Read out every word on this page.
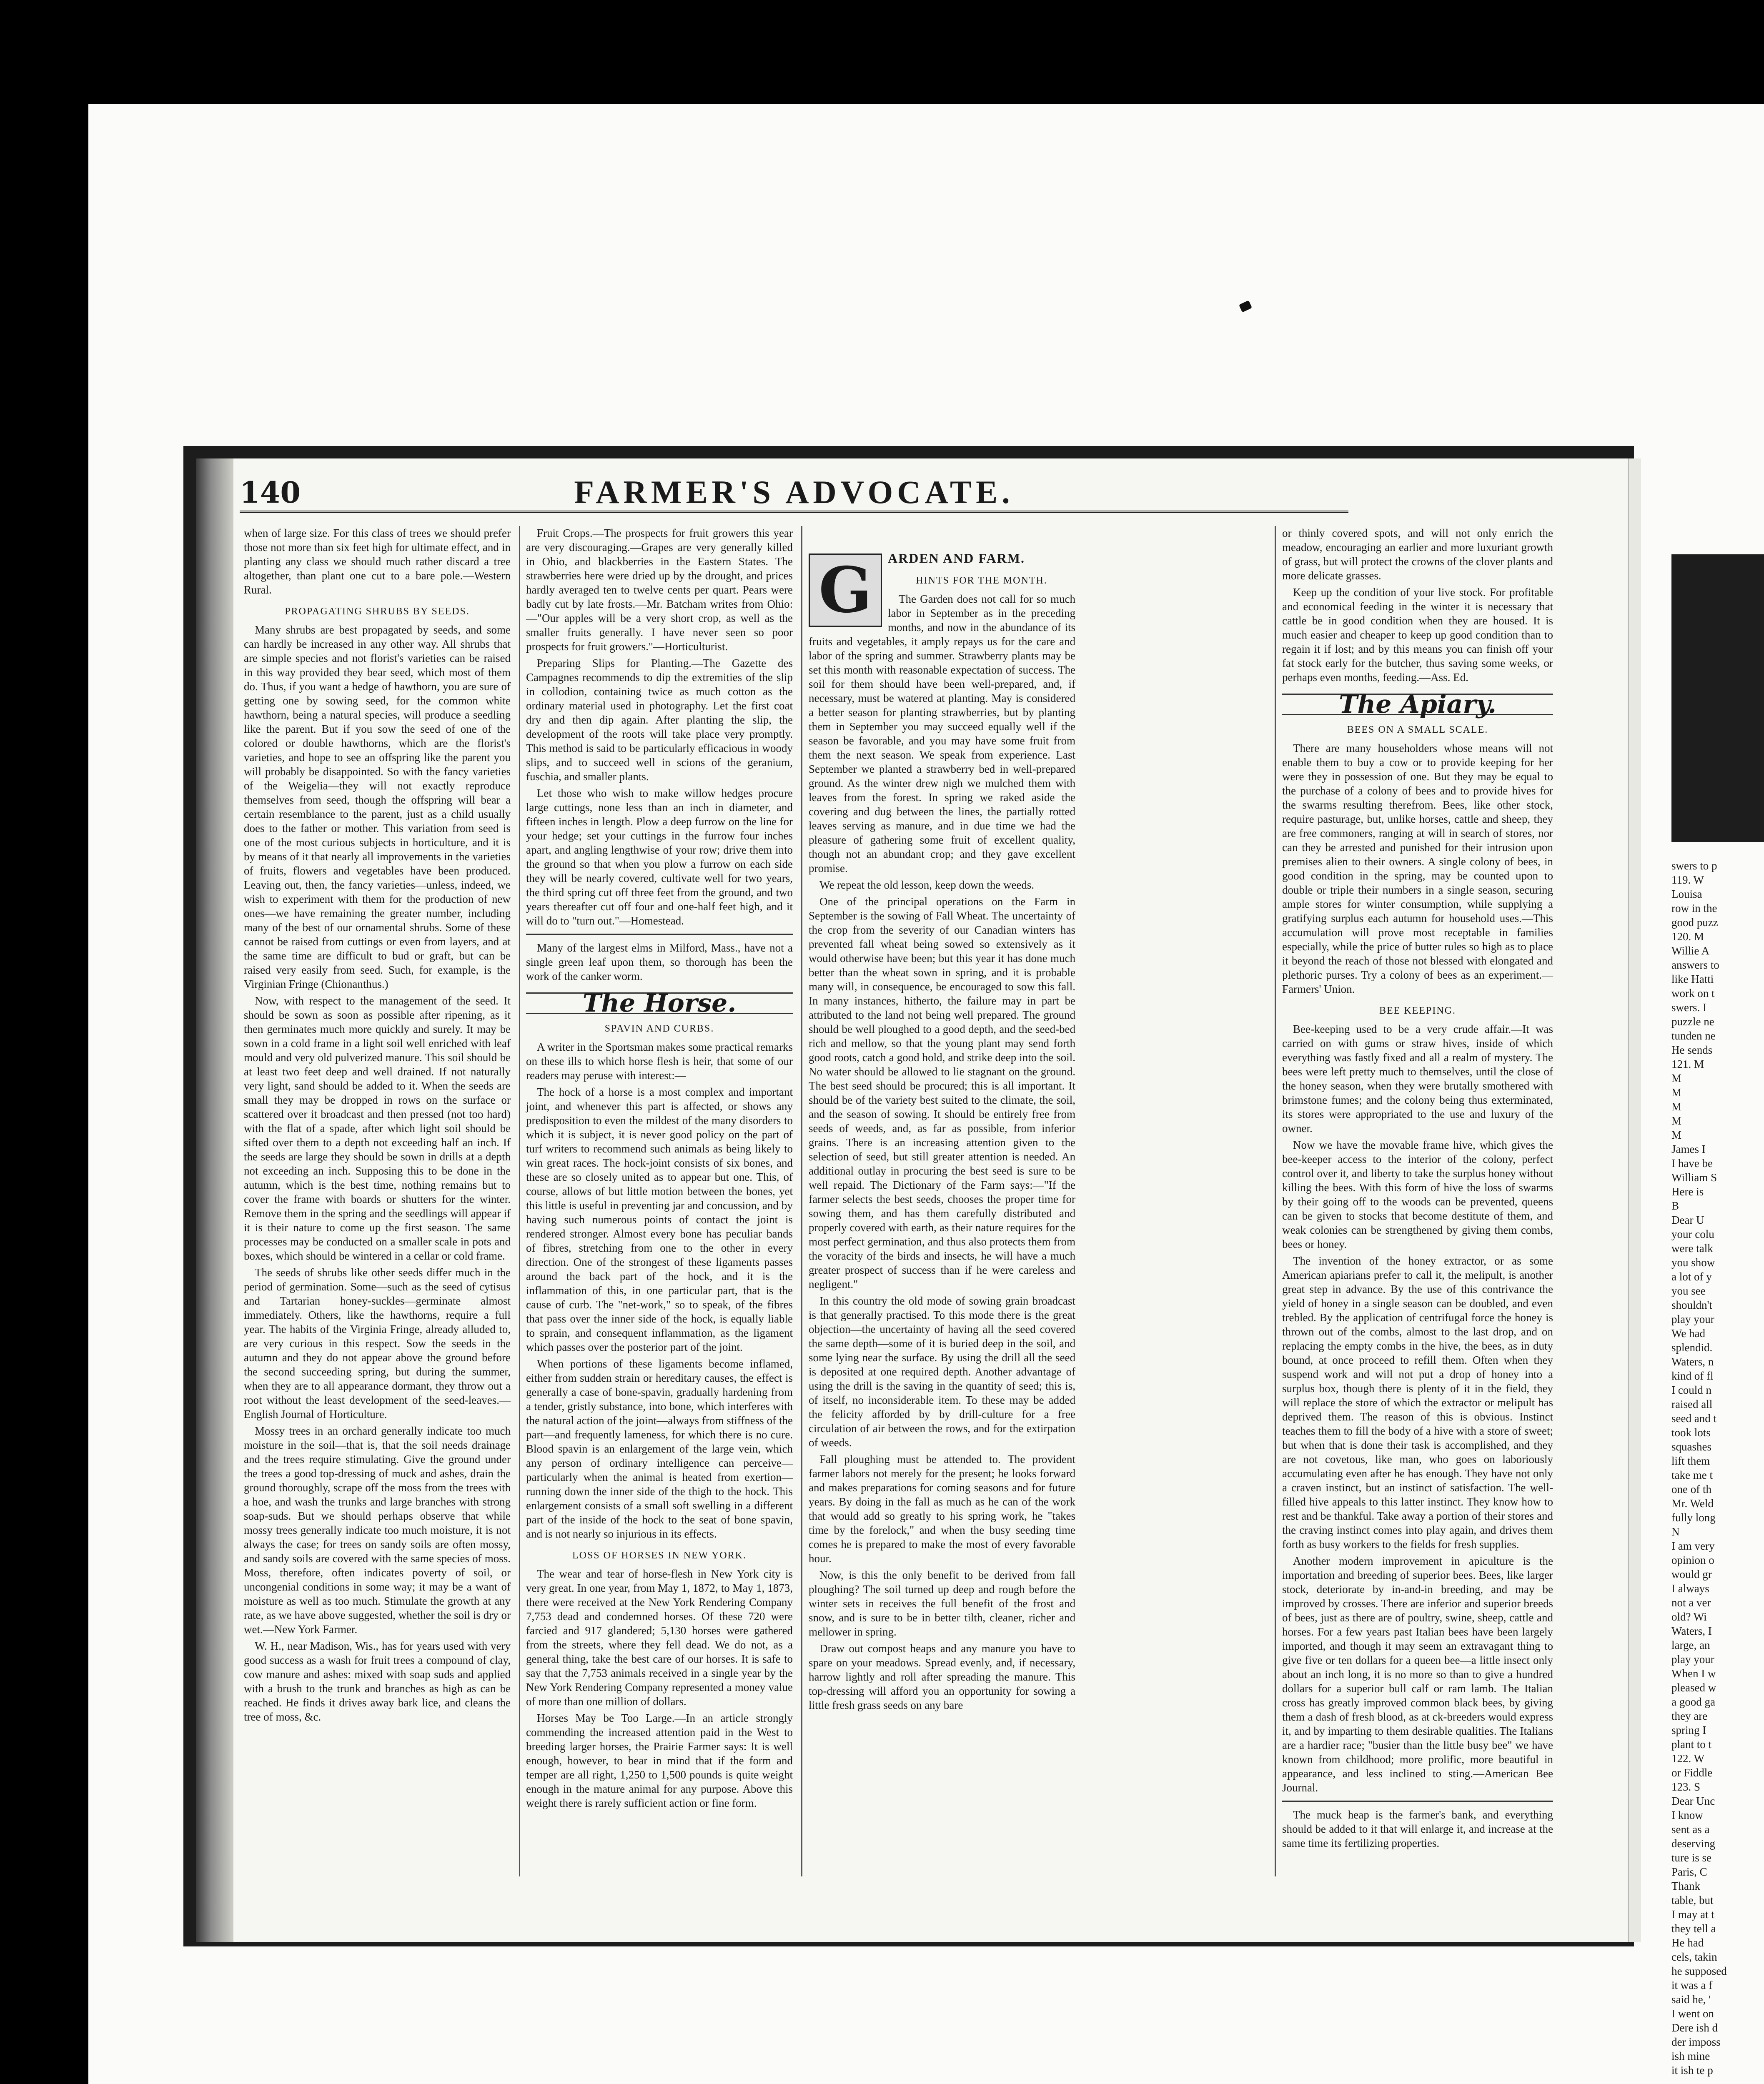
140	FARMER'S ADVOCATE.

when of large size. For this class of trees we should prefer those not more than six feet high for ultimate effect, and in planting any class we should much rather discard a tree altogether, than plant one cut to a bare pole.—Western Rural.

PROPAGATING SHRUBS BY SEEDS.

Many shrubs are best propagated by seeds, and some can hardly be increased in any other way. All shrubs that are simple species and not florist's varieties can be raised in this way provided they bear seed, which most of them do. Thus, if you want a hedge of hawthorn, you are sure of getting one by sowing seed, for the common white hawthorn, being a natural species, will produce a seedling like the parent. But if you sow the seed of one of the colored or double hawthorns, which are the florist's varieties, and hope to see an offspring like the parent you will probably be disappointed. So with the fancy varieties of the Weigelia—they will not exactly reproduce themselves from seed, though the offspring will bear a certain resemblance to the parent, just as a child usually does to the father or mother. This variation from seed is one of the most curious subjects in horticulture, and it is by means of it that nearly all improvements in the varieties of fruits, flowers and vegetables have been produced. Leaving out, then, the fancy varieties—unless, indeed, we wish to experiment with them for the production of new ones—we have remaining the greater number, including many of the best of our ornamental shrubs. Some of these cannot be raised from cuttings or even from layers, and at the same time are difficult to bud or graft, but can be raised very easily from seed. Such, for example, is the Virginian Fringe (Chionanthus.)

Now, with respect to the management of the seed. It should be sown as soon as possible after ripening, as it then germinates much more quickly and surely. It may be sown in a cold frame in a light soil well enriched with leaf mould and very old pulverized manure. This soil should be at least two feet deep and well drained. If not naturally very light, sand should be added to it. When the seeds are small they may be dropped in rows on the surface or scattered over it broadcast and then pressed (not too hard) with the flat of a spade, after which light soil should be sifted over them to a depth not exceeding half an inch. If the seeds are large they should be sown in drills at a depth not exceeding an inch. Supposing this to be done in the autumn, which is the best time, nothing remains but to cover the frame with boards or shutters for the winter. Remove them in the spring and the seedlings will appear if it is their nature to come up the first season. The same processes may be conducted on a smaller scale in pots and boxes, which should be wintered in a cellar or cold frame.

The seeds of shrubs like other seeds differ much in the period of germination. Some—such as the seed of cytisus and Tartarian honey-suckles—germinate almost immediately. Others, like the hawthorns, require a full year. The habits of the Virginia Fringe, already alluded to, are very curious in this respect. Sow the seeds in the autumn and they do not appear above the ground before the second succeeding spring, but during the summer, when they are to all appearance dormant, they throw out a root without the least development of the seed-leaves.—English Journal of Horticulture.

Mossy trees in an orchard generally indicate too much moisture in the soil—that is, that the soil needs drainage and the trees require stimulating. Give the ground under the trees a good top-dressing of muck and ashes, drain the ground thoroughly, scrape off the moss from the trees with a hoe, and wash the trunks and large branches with strong soap-suds. But we should perhaps observe that while mossy trees generally indicate too much moisture, it is not always the case; for trees on sandy soils are often mossy, and sandy soils are covered with the same species of moss. Moss, therefore, often indicates poverty of soil, or uncongenial conditions in some way; it may be a want of moisture as well as too much. Stimulate the growth at any rate, as we have above suggested, whether the soil is dry or wet.—New York Farmer.

W. H., near Madison, Wis., has for years used with very good success as a wash for fruit trees a compound of clay, cow manure and ashes: mixed with soap suds and applied with a brush to the trunk and branches as high as can be reached. He finds it drives away bark lice, and cleans the tree of moss, &c.

Fruit Crops.—The prospects for fruit growers this year are very discouraging.—Grapes are very generally killed in Ohio, and blackberries in the Eastern States. The strawberries here were dried up by the drought, and prices hardly averaged ten to twelve cents per quart. Pears were badly cut by late frosts.—Mr. Batcham writes from Ohio:—"Our apples will be a very short crop, as well as the smaller fruits generally. I have never seen so poor prospects for fruit growers."—Horticulturist.

Preparing Slips for Planting.—The Gazette des Campagnes recommends to dip the extremities of the slip in collodion, containing twice as much cotton as the ordinary material used in photography. Let the first coat dry and then dip again. After planting the slip, the development of the roots will take place very promptly. This method is said to be particularly efficacious in woody slips, and to succeed well in scions of the geranium, fuschia, and smaller plants.

Let those who wish to make willow hedges procure large cuttings, none less than an inch in diameter, and fifteen inches in length. Plow a deep furrow on the line for your hedge; set your cuttings in the furrow four inches apart, and angling lengthwise of your row; drive them into the ground so that when you plow a furrow on each side they will be nearly covered, cultivate well for two years, the third spring cut off three feet from the ground, and two years thereafter cut off four and one-half feet high, and it will do to "turn out."—Homestead.

Many of the largest elms in Milford, Mass., have not a single green leaf upon them, so thorough has been the work of the canker worm.

The Horse.
SPAVIN AND CURBS.

A writer in the Sportsman makes some practical remarks on these ills to which horse flesh is heir, that some of our readers may peruse with interest:—

The hock of a horse is a most complex and important joint, and whenever this part is affected, or shows any predisposition to even the mildest of the many disorders to which it is subject, it is never good policy on the part of turf writers to recommend such animals as being likely to win great races. The hock-joint consists of six bones, and these are so closely united as to appear but one. This, of course, allows of but little motion between the bones, yet this little is useful in preventing jar and concussion, and by having such numerous points of contact the joint is rendered stronger. Almost every bone has peculiar bands of fibres, stretching from one to the other in every direction. One of the strongest of these ligaments passes around the back part of the hock, and it is the inflammation of this, in one particular part, that is the cause of curb. The "net-work," so to speak, of the fibres that pass over the inner side of the hock, is equally liable to sprain, and consequent inflammation, as the ligament which passes over the posterior part of the joint.

When portions of these ligaments become inflamed, either from sudden strain or hereditary causes, the effect is generally a case of bone-spavin, gradually hardening from a tender, gristly substance, into bone, which interferes with the natural action of the joint—always from stiffness of the part—and frequently lameness, for which there is no cure. Blood spavin is an enlargement of the large vein, which any person of ordinary intelligence can perceive—particularly when the animal is heated from exertion—running down the inner side of the thigh to the hock. This enlargement consists of a small soft swelling in a different part of the inside of the hock to the seat of bone spavin, and is not nearly so injurious in its effects.

LOSS OF HORSES IN NEW YORK.

The wear and tear of horse-flesh in New York city is very great. In one year, from May 1, 1872, to May 1, 1873, there were received at the New York Rendering Company 7,753 dead and condemned horses. Of these 720 were farcied and 917 glandered; 5,130 horses were gathered from the streets, where they fell dead. We do not, as a general thing, take the best care of our horses. It is safe to say that the 7,753 animals received in a single year by the New York Rendering Company represented a money value of more than one million of dollars.

Horses May be Too Large.—In an article strongly commending the increased attention paid in the West to breeding larger horses, the Prairie Farmer says: It is well enough, however, to bear in mind that if the form and temper are all right, 1,250 to 1,500 pounds is quite weight enough in the mature animal for any purpose. Above this weight there is rarely sufficient action or fine form.

G	ARDEN AND FARM.
HINTS FOR THE MONTH.

The Garden does not call for so much labor in September as in the preceding months, and now in the abundance of its fruits and vegetables, it amply repays us for the care and labor of the spring and summer. Strawberry plants may be set this month with reasonable expectation of success. The soil for them should have been well-prepared, and, if necessary, must be watered at planting. May is considered a better season for planting strawberries, but by planting them in September you may succeed equally well if the season be favorable, and you may have some fruit from them the next season. We speak from experience. Last September we planted a strawberry bed in well-prepared ground. As the winter drew nigh we mulched them with leaves from the forest. In spring we raked aside the covering and dug between the lines, the partially rotted leaves serving as manure, and in due time we had the pleasure of gathering some fruit of excellent quality, though not an abundant crop; and they gave excellent promise.

We repeat the old lesson, keep down the weeds.

One of the principal operations on the Farm in September is the sowing of Fall Wheat. The uncertainty of the crop from the severity of our Canadian winters has prevented fall wheat being sowed so extensively as it would otherwise have been; but this year it has done much better than the wheat sown in spring, and it is probable many will, in consequence, be encouraged to sow this fall. In many instances, hitherto, the failure may in part be attributed to the land not being well prepared. The ground should be well ploughed to a good depth, and the seed-bed rich and mellow, so that the young plant may send forth good roots, catch a good hold, and strike deep into the soil. No water should be allowed to lie stagnant on the ground. The best seed should be procured; this is all important. It should be of the variety best suited to the climate, the soil, and the season of sowing. It should be entirely free from seeds of weeds, and, as far as possible, from inferior grains. There is an increasing attention given to the selection of seed, but still greater attention is needed. An additional outlay in procuring the best seed is sure to be well repaid. The Dictionary of the Farm says:—"If the farmer selects the best seeds, chooses the proper time for sowing them, and has them carefully distributed and properly covered with earth, as their nature requires for the most perfect germination, and thus also protects them from the voracity of the birds and insects, he will have a much greater prospect of success than if he were careless and negligent."

In this country the old mode of sowing grain broadcast is that generally practised. To this mode there is the great objection—the uncertainty of having all the seed covered the same depth—some of it is buried deep in the soil, and some lying near the surface. By using the drill all the seed is deposited at one required depth. Another advantage of using the drill is the saving in the quantity of seed; this is, of itself, no inconsiderable item. To these may be added the felicity afforded by by drill-culture for a free circulation of air between the rows, and for the extirpation of weeds.

Fall ploughing must be attended to. The provident farmer labors not merely for the present; he looks forward and makes preparations for coming seasons and for future years. By doing in the fall as much as he can of the work that would add so greatly to his spring work, he "takes time by the forelock," and when the busy seeding time comes he is prepared to make the most of every favorable hour.

Now, is this the only benefit to be derived from fall ploughing? The soil turned up deep and rough before the winter sets in receives the full benefit of the frost and snow, and is sure to be in better tilth, cleaner, richer and mellower in spring.

Draw out compost heaps and any manure you have to spare on your meadows. Spread evenly, and, if necessary, harrow lightly and roll after spreading the manure. This top-dressing will afford you an opportunity for sowing a little fresh grass seeds on any bare

or thinly covered spots, and will not only enrich the meadow, encouraging an earlier and more luxuriant growth of grass, but will protect the crowns of the clover plants and more delicate grasses.

Keep up the condition of your live stock. For profitable and economical feeding in the winter it is necessary that cattle be in good condition when they are housed. It is much easier and cheaper to keep up good condition than to regain it if lost; and by this means you can finish off your fat stock early for the butcher, thus saving some weeks, or perhaps even months, feeding.—Ass. Ed.

The Apiary.
BEES ON A SMALL SCALE.

There are many householders whose means will not enable them to buy a cow or to provide keeping for her were they in possession of one. But they may be equal to the purchase of a colony of bees and to provide hives for the swarms resulting therefrom. Bees, like other stock, require pasturage, but, unlike horses, cattle and sheep, they are free commoners, ranging at will in search of stores, nor can they be arrested and punished for their intrusion upon premises alien to their owners. A single colony of bees, in good condition in the spring, may be counted upon to double or triple their numbers in a single season, securing ample stores for winter consumption, while supplying a gratifying surplus each autumn for household uses.—This accumulation will prove most receptable in families especially, while the price of butter rules so high as to place it beyond the reach of those not blessed with elongated and plethoric purses. Try a colony of bees as an experiment.—Farmers' Union.

BEE KEEPING.

Bee-keeping used to be a very crude affair.—It was carried on with gums or straw hives, inside of which everything was fastly fixed and all a realm of mystery. The bees were left pretty much to themselves, until the close of the honey season, when they were brutally smothered with brimstone fumes; and the colony being thus exterminated, its stores were appropriated to the use and luxury of the owner.

Now we have the movable frame hive, which gives the bee-keeper access to the interior of the colony, perfect control over it, and liberty to take the surplus honey without killing the bees. With this form of hive the loss of swarms by their going off to the woods can be prevented, queens can be given to stocks that become destitute of them, and weak colonies can be strengthened by giving them combs, bees or honey.

The invention of the honey extractor, or as some American apiarians prefer to call it, the melipult, is another great step in advance. By the use of this contrivance the yield of honey in a single season can be doubled, and even trebled. By the application of centrifugal force the honey is thrown out of the combs, almost to the last drop, and on replacing the empty combs in the hive, the bees, as in duty bound, at once proceed to refill them. Often when they suspend work and will not put a drop of honey into a surplus box, though there is plenty of it in the field, they will replace the store of which the extractor or melipult has deprived them. The reason of this is obvious. Instinct teaches them to fill the body of a hive with a store of sweet; but when that is done their task is accomplished, and they are not covetous, like man, who goes on laboriously accumulating even after he has enough. They have not only a craven instinct, but an instinct of satisfaction. The well-filled hive appeals to this latter instinct. They know how to rest and be thankful. Take away a portion of their stores and the craving instinct comes into play again, and drives them forth as busy workers to the fields for fresh supplies.

Another modern improvement in apiculture is the importation and breeding of superior bees. Bees, like larger stock, deteriorate by in-and-in breeding, and may be improved by crosses. There are inferior and superior breeds of bees, just as there are of poultry, swine, sheep, cattle and horses. For a few years past Italian bees have been largely imported, and though it may seem an extravagant thing to give five or ten dollars for a queen bee—a little insect only about an inch long, it is no more so than to give a hundred dollars for a superior bull calf or ram lamb. The Italian cross has greatly improved common black bees, by giving them a dash of fresh blood, as at ck-breeders would express it, and by imparting to them desirable qualities. The Italians are a hardier race; "busier than the little busy bee" we have known from childhood; more prolific, more beautiful in appearance, and less inclined to sting.—American Bee Journal.

The muck heap is the farmer's bank, and everything should be added to it that will enlarge it, and increase at the same time its fertilizing properties.

swers to p
119. W
Louisa
row in the
good puzz
120. M
Willie A
answers to
like Hatti
work on t
swers. I
puzzle ne
tunden ne
He sends
121. M
M
M
M
M
M
James I
I have be
William S
Here is
B
Dear U
your colu
were talk
you show
a lot of y
you see
shouldn't
play your
We had
splendid.
Waters, n
kind of fl
I could n
raised all
seed and t
took lots
squashes
lift them
take me t
one of th
Mr. Weld
fully long
N
I am very
opinion o
would gr
I always
not a ver
old? Wi
Waters, I
large, an
play your
When I w
pleased w
a good ga
they are
spring I
plant to t
122. W
or Fiddle
123. S
Dear Unc
I know
sent as a
deserving
ture is se
Paris, C
Thank
table, but
I may at t
they tell a
He had
cels, takin
he supposed
it was a f
said he, '
I went on
Dere ish d
der imposs
ish mine
it ish te p
